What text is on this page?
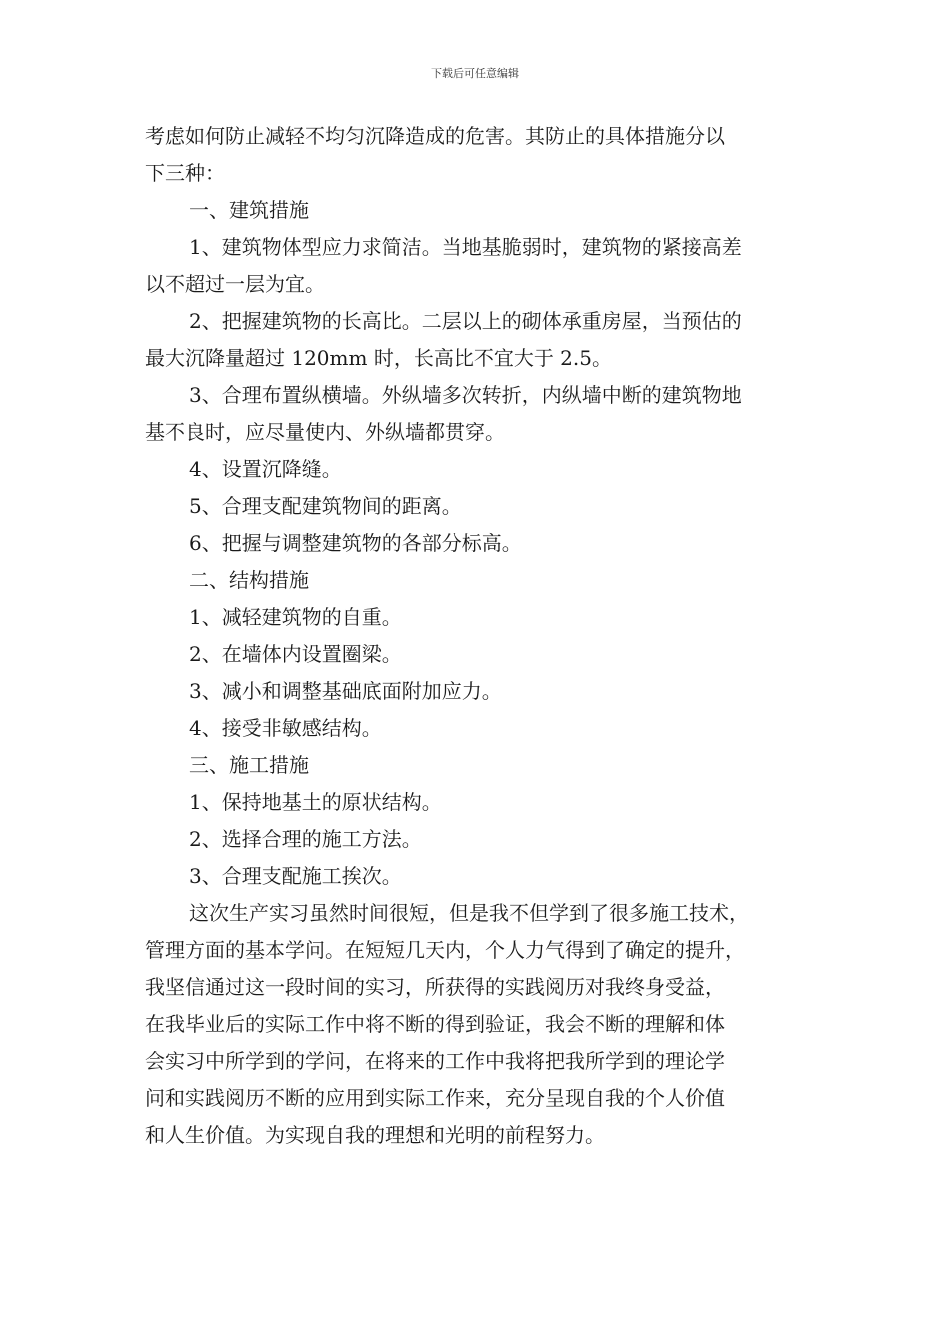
下载后可任意编辑
考虑如何防止减轻不均匀沉降造成的危害。其防止的具体措施分以
下三种：
一、建筑措施
1、建筑物体型应力求简洁。当地基脆弱时，建筑物的紧接高差
以不超过一层为宜。
2、把握建筑物的长高比。二层以上的砌体承重房屋，当预估的
最大沉降量超过 120mm 时，长高比不宜大于 2.5。
3、合理布置纵横墙。外纵墙多次转折，内纵墙中断的建筑物地
基不良时，应尽量使内、外纵墙都贯穿。
4、设置沉降缝。
5、合理支配建筑物间的距离。
6、把握与调整建筑物的各部分标高。
二、结构措施
1、减轻建筑物的自重。
2、在墙体内设置圈梁。
3、减小和调整基础底面附加应力。
4、接受非敏感结构。
三、施工措施
1、保持地基土的原状结构。
2、选择合理的施工方法。
3、合理支配施工挨次。
这次生产实习虽然时间很短，但是我不但学到了很多施工技术，
管理方面的基本学问。在短短几天内，个人力气得到了确定的提升，
我坚信通过这一段时间的实习，所获得的实践阅历对我终身受益，
在我毕业后的实际工作中将不断的得到验证，我会不断的理解和体
会实习中所学到的学问，在将来的工作中我将把我所学到的理论学
问和实践阅历不断的应用到实际工作来，充分呈现自我的个人价值
和人生价值。为实现自我的理想和光明的前程努力。
